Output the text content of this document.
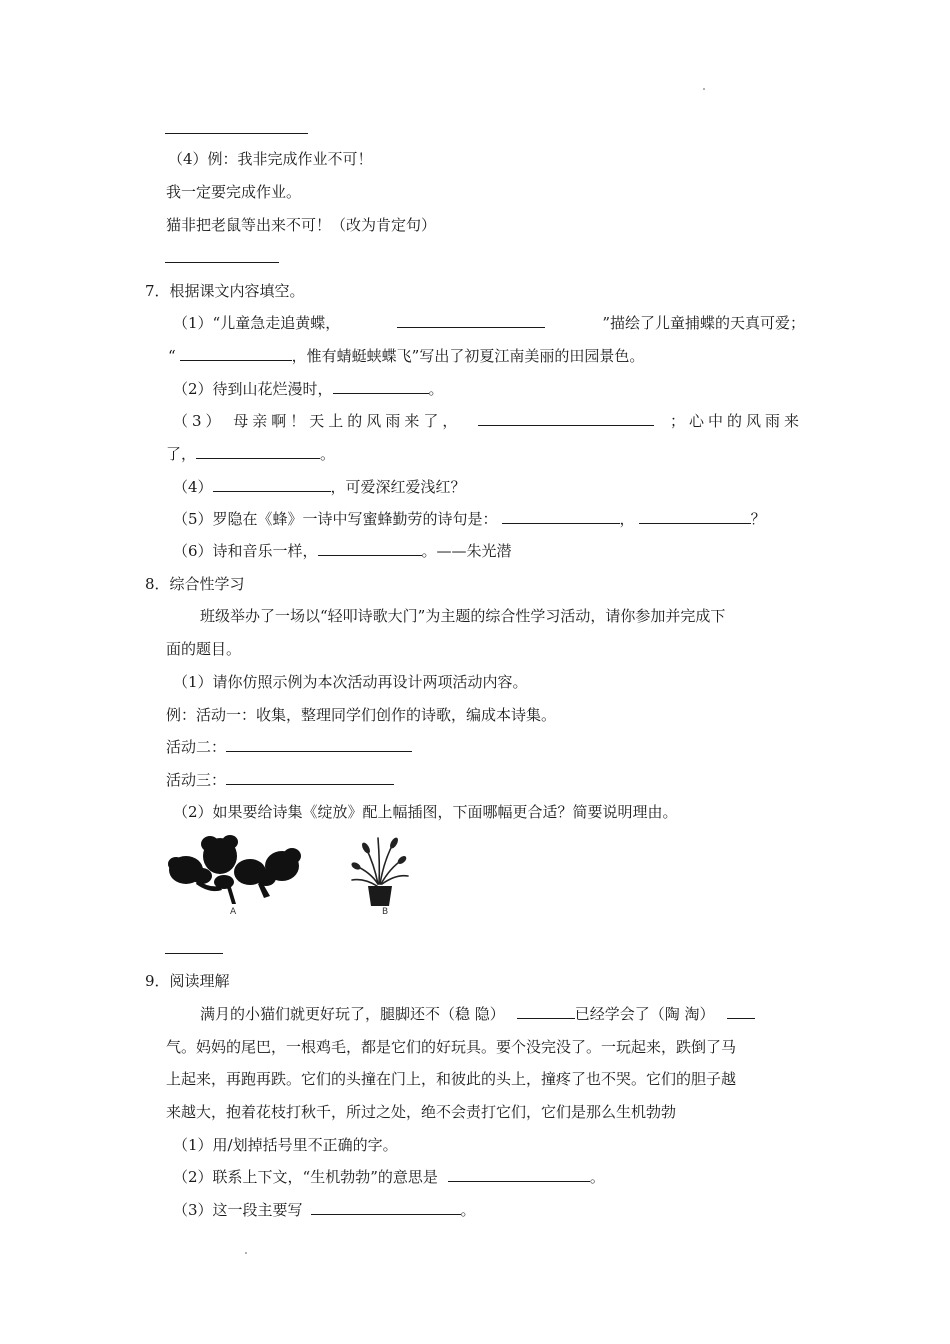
（4）例：我非完成作业不可！
我一定要完成作业。
猫非把老鼠等出来不可！（改为肯定句）
7．根据课文内容填空。
（1）“儿童急走追黄蝶，	”描绘了儿童捕蝶的天真可爱；
“	，惟有蜻蜓蛱蝶飞”写出了初夏江南美丽的田园景色。
（2）待到山花烂漫时，	。
（3） 母亲啊！天上的风雨来了，	；心中的风雨来
了，	。
（4）	，可爱深红爱浅红？
（5）罗隐在《蜂》一诗中写蜜蜂勤劳的诗句是：	，	？
（6）诗和音乐一样，	。——朱光潜
8．综合性学习
班级举办了一场以“轻叩诗歌大门”为主题的综合性学习活动，请你参加并完成下
面的题目。
（1）请你仿照示例为本次活动再设计两项活动内容。
例：活动一：收集，整理同学们创作的诗歌，编成本诗集。
活动二：
活动三：
（2）如果要给诗集《绽放》配上幅插图，下面哪幅更合适？简要说明理由。
A	B
9．阅读理解
满月的小猫们就更好玩了，腿脚还不（稳 隐）	已经学会了（陶 淘）
气。妈妈的尾巴，一根鸡毛，都是它们的好玩具。要个没完没了。一玩起来，跌倒了马
上起来，再跑再跌。它们的头撞在门上，和彼此的头上，撞疼了也不哭。它们的胆子越
来越大，抱着花枝打秋千，所过之处，绝不会责打它们，它们是那么生机勃勃
（1）用/划掉括号里不正确的字。
（2）联系上下文，“生机勃勃”的意思是	。
（3）这一段主要写	。
